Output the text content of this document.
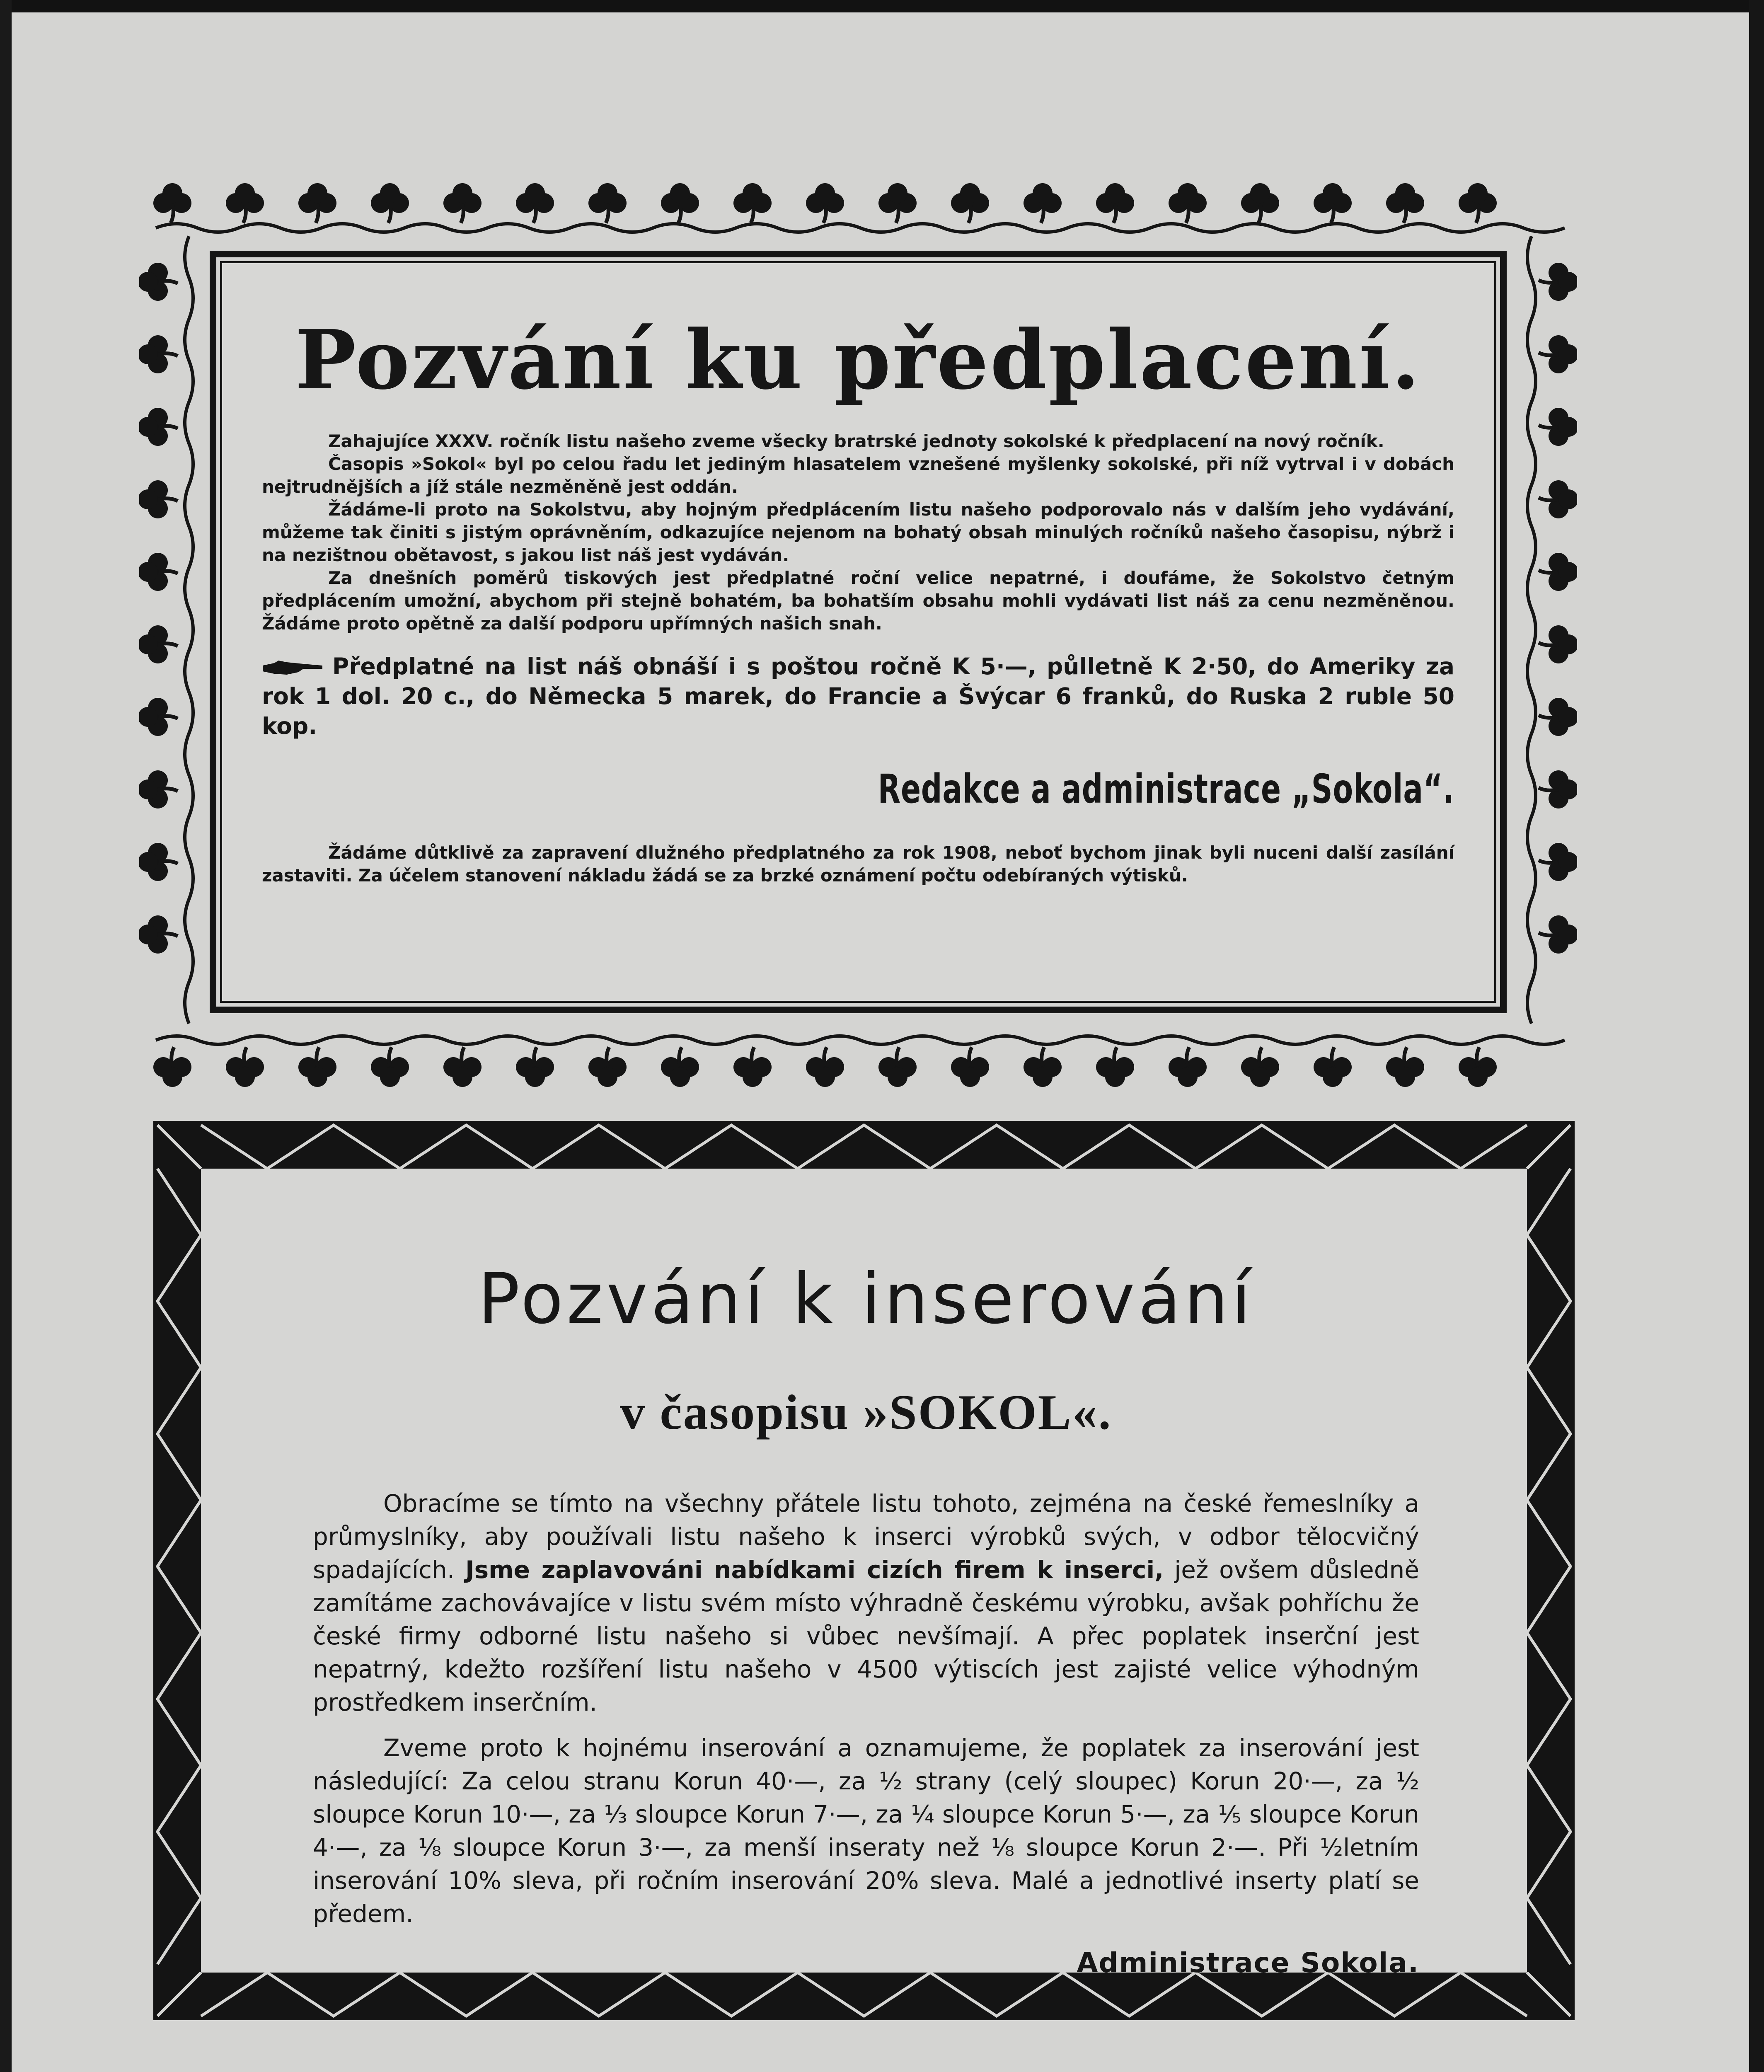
Pozvání ku předplacení.

Zahajujíce XXXV. ročník listu našeho zveme všecky bratrské jednoty sokolské k předplacení na nový ročník.

Časopis »Sokol« byl po celou řadu let jediným hlasatelem vznešené myšlenky sokolské, při níž vytrval i v dobách nejtrudnějších a jíž stále nezměněně jest oddán.

Žádáme-li proto na Sokolstvu, aby hojným předplácením listu našeho podporovalo nás v dalším jeho vydávání, můžeme tak činiti s jistým oprávněním, odkazujíce nejenom na bohatý obsah minulých ročníků našeho časopisu, nýbrž i na nezištnou obětavost, s jakou list náš jest vydáván.

Za dnešních poměrů tiskových jest předplatné roční velice nepatrné, i doufáme, že Sokolstvo četným předplácením umožní, abychom při stejně bohatém, ba bohatším obsahu mohli vydávati list náš za cenu nezměněnou. Žádáme proto opětně za další podporu upřímných našich snah.

Předplatné na list náš obnáší i s poštou ročně K 5·—, půlletně K 2·50, do Ameriky za rok 1 dol. 20 c., do Německa 5 marek, do Francie a Švýcar 6 franků, do Ruska 2 ruble 50 kop.
Redakce a administrace „Sokola“.

Žádáme důtklivě za zapravení dlužného předplatného za rok 1908, neboť bychom jinak byli nuceni další zasílání zastaviti. Za účelem stanovení nákladu žádá se za brzké oznámení počtu odebíraných výtisků.

Pozvání k inserování
v časopisu »SOKOL«.

Obracíme se tímto na všechny přátele listu tohoto, zejména na české řemeslníky a průmyslníky, aby používali listu našeho k inserci výrobků svých, v odbor tělocvičný spadajících. Jsme zaplavováni nabídkami cizích firem k inserci, jež ovšem důsledně zamítáme zachovávajíce v listu svém místo výhradně českému výrobku, avšak pohříchu že české firmy odborné listu našeho si vůbec nevšímají. A přec poplatek inserční jest nepatrný, kdežto rozšíření listu našeho v 4500 výtiscích jest zajisté velice výhodným prostředkem inserčním.

Zveme proto k hojnému inserování a oznamujeme, že poplatek za inserování jest následující: Za celou stranu Korun 40·—, za ½ strany (celý sloupec) Korun 20·—, za ½ sloupce Korun 10·—, za ⅓ sloupce Korun 7·—, za ¼ sloupce Korun 5·—, za ⅕ sloupce Korun 4·—, za ⅛ sloupce Korun 3·—, za menší inseraty než ⅛ sloupce Korun 2·—. Při ½letním inserování 10% sleva, při ročním inserování 20% sleva. Malé a jednotlivé inserty platí se předem.

Administrace Sokola.
